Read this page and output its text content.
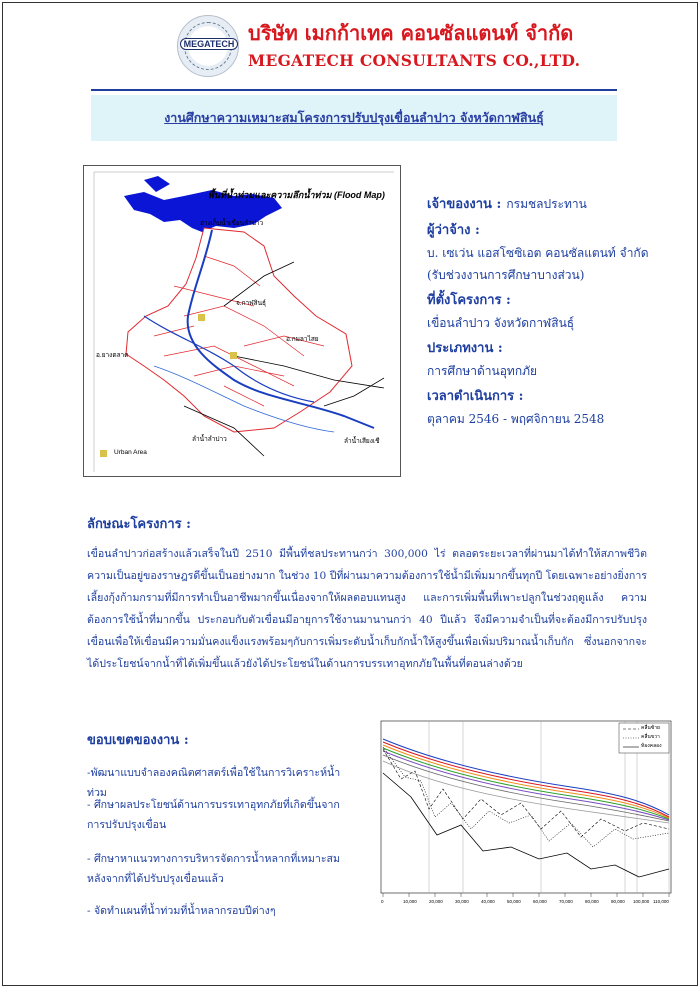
MEGATECH บริษัท เมกก้าเทค คอนซัลแตนท์ จำกัด
MEGATECH CONSULTANTS CO.,LTD.
งานศึกษาความเหมาะสมโครงการปรับปรุงเขื่อนลำปาว จังหวัดกาฬสินธุ์
พื้นที่น้ำท่วมและความลึกน้ำท่วม (Flood Map)
อ่างเก็บน้ำเขื่อนลำปาว
จ.กาฬสินธุ์
อ.กมลาไสย
อ.ยางตลาด
ลำน้ำลำปาว	ลำน้ำเสียงเชี
Urban Area

เจ้าของงาน : กรมชลประทาน

ผู้ว่าจ้าง :

บ. เซเว่น แอสโซซิเอต คอนซัลแตนท์ จำกัด

(รับช่วงงานการศึกษาบางส่วน)

ที่ตั้งโครงการ :

เขื่อนลำปาว จังหวัดกาฬสินธุ์

ประเภทงาน :

การศึกษาด้านอุทกภัย

เวลาดำเนินการ :

ตุลาคม 2546 - พฤศจิกายน 2548

ลักษณะโครงการ :
เขื่อนลำปาวก่อสร้างแล้วเสร็จในปี 2510 มีพื้นที่ชลประทานกว่า 300,000 ไร่ ตลอดระยะเวลาที่ผ่านมาได้ทำให้สภาพชีวิตความเป็นอยู่ของราษฎรดีขึ้นเป็นอย่างมาก ในช่วง 10 ปีที่ผ่านมาความต้องการใช้น้ำมีเพิ่มมากขึ้นทุกปี โดยเฉพาะอย่างยิ่งการเลี้ยงกุ้งก้ามกรามที่มีการทำเป็นอาชีพมากขึ้นเนื่องจากให้ผลตอบแทนสูง และการเพิ่มพื้นที่เพาะปลูกในช่วงฤดูแล้ง ความต้องการใช้น้ำที่มากขึ้น ประกอบกับตัวเขื่อนมีอายุการใช้งานมานานกว่า 40 ปีแล้ว จึงมีความจำเป็นที่จะต้องมีการปรับปรุงเขื่อนเพื่อให้เขื่อนมีความมั่นคงแข็งแรงพร้อมๆกับการเพิ่มระดับน้ำเก็บกักน้ำให้สูงขึ้นเพื่อเพิ่มปริมาณน้ำเก็บกัก ซึ่งนอกจากจะได้ประโยชน์จากน้ำที่ได้เพิ่มขึ้นแล้วยังได้ประโยชน์ในด้านการบรรเทาอุทกภัยในพื้นที่ตอนล่างด้วย
ขอบเขตของงาน :
-พัฒนาแบบจำลองคณิตศาสตร์เพื่อใช้ในการวิเคราะห์น้ำท่วม
- ศึกษาผลประโยชน์ด้านการบรรเทาอุทกภัยที่เกิดขึ้นจากการปรับปรุงเขื่อน
- ศึกษาหาแนวทางการบริหารจัดการน้ำหลากที่เหมาะสมหลังจากที่ได้ปรับปรุงเขื่อนแล้ว
- จัดทำแผนที่น้ำท่วมที่น้ำหลากรอบปีต่างๆ
คลื่นซ้าย
คลื่นขวา
ท้องคลอง
0	10,000	20,000	30,000	40,000	50,000	60,000	70,000	80,000	90,000 100,000 110,000
